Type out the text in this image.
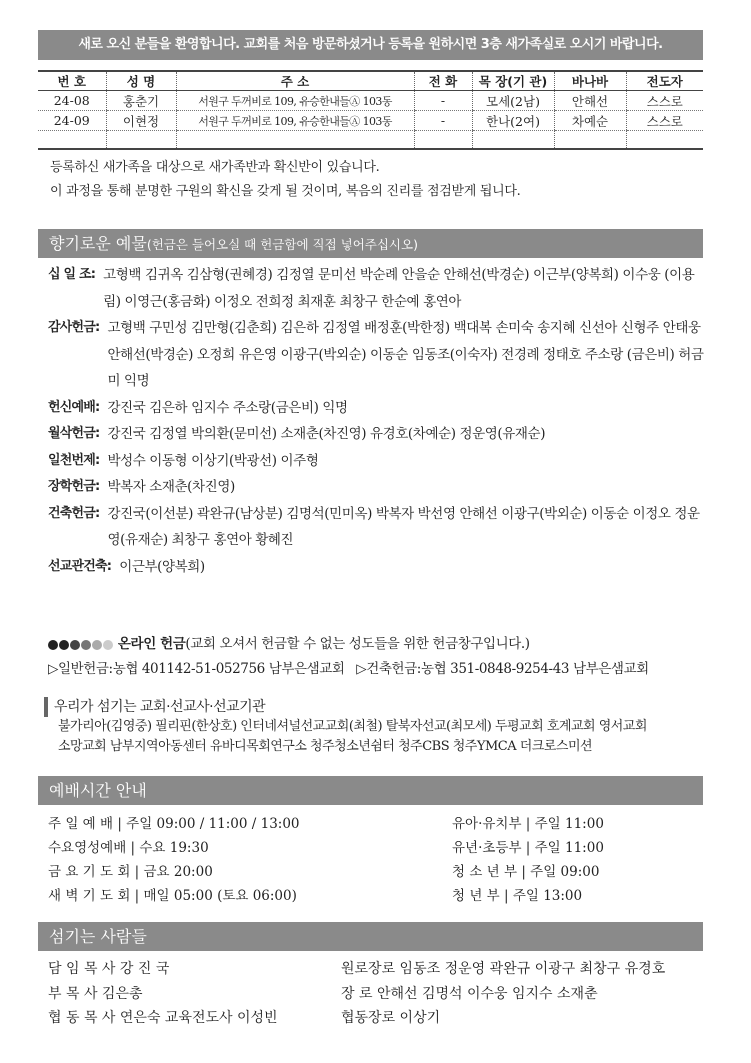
새로 오신 분들을 환영합니다. 교회를 처음 방문하셨거나 등록을 원하시면 3층 새가족실로 오시기 바랍니다.
번 호	성 명	주 소	전 화	목 장(기 관)	바나바	전도자
24-08	홍춘기	서원구 두꺼비로 109, 유승한내들Ⓐ 103동	-	모세(2남)	안해선	스스로
24-09	이현정	서원구 두꺼비로 109, 유승한내들Ⓐ 103동	-	한나(2여)	차예순	스스로

등록하신 새가족을 대상으로 새가족반과 확신반이 있습니다.
이 과정을 통해 분명한 구원의 확신을 갖게 될 것이며, 복음의 진리를 점검받게 됩니다.
향기로운 예물(헌금은 들어오실 때 헌금함에 직접 넣어주십시오)
십 일 조: 고형백 김귀옥 김삼형(권혜경) 김정열 문미선 박순례 안을순 안해선(박경순) 이근부(양복희) 이수웅 (이용림) 이영근(홍금화) 이정오 전희정 최재훈 최창구 한순예 홍연아
감사헌금: 고형백 구민성 김만형(김춘희) 김은하 김정열 배정훈(박한정) 백대복 손미숙 송지혜 신선아 신형주 안태웅 안해선(박경순) 오정희 유은영 이광구(박외순) 이동순 임동조(이숙자) 전경례 정태호 주소랑 (금은비) 허금미 익명
헌신예배: 강진국 김은하 임지수 주소랑(금은비) 익명
월삭헌금: 강진국 김정열 박의환(문미선) 소재춘(차진영) 유경호(차예순) 정운영(유재순)
일천번제: 박성수 이동형 이상기(박광선) 이주형
장학헌금: 박복자 소재춘(차진영)
건축헌금: 강진국(이선분) 곽완규(남상분) 김명석(민미옥) 박복자 박선영 안해선 이광구(박외순) 이동순 이정오 정운영(유재순) 최창구 홍연아 황혜진
선교관건축: 이근부(양복희)
온라인 헌금(교회 오셔서 헌금할 수 없는 성도들을 위한 헌금창구입니다.)
▷일반헌금:농협 401142-51-052756 남부은샘교회 ▷건축헌금:농협 351-0848-9254-43 남부은샘교회
우리가 섬기는 교회·선교사·선교기관
불가리아(김영중) 필리핀(한상호) 인터네셔널선교교회(최철) 탈북자선교(최모세) 두평교회 호계교회 영서교회
소망교회 남부지역아동센터 유바디목회연구소 청주청소년쉼터 청주CBS 청주YMCA 더크로스미션
예배시간 안내
주 일 예 배 | 주일 09:00 / 11:00 / 13:00
수요영성예배 | 수요 19:30
금 요 기 도 회 | 금요 20:00
새 벽 기 도 회 | 매일 05:00 (토요 06:00)
유아·유치부 | 주일 11:00
유년·초등부 | 주일 11:00
청 소 년 부 | 주일 09:00
청 년 부 | 주일 13:00
섬기는 사람들
담 임 목 사 강 진 국
부 목 사 김은총
협 동 목 사 연은숙 교육전도사 이성빈
원로장로 임동조 정운영 곽완규 이광구 최창구 유경호
장 로 안해선 김명석 이수웅 임지수 소재춘
협동장로 이상기
